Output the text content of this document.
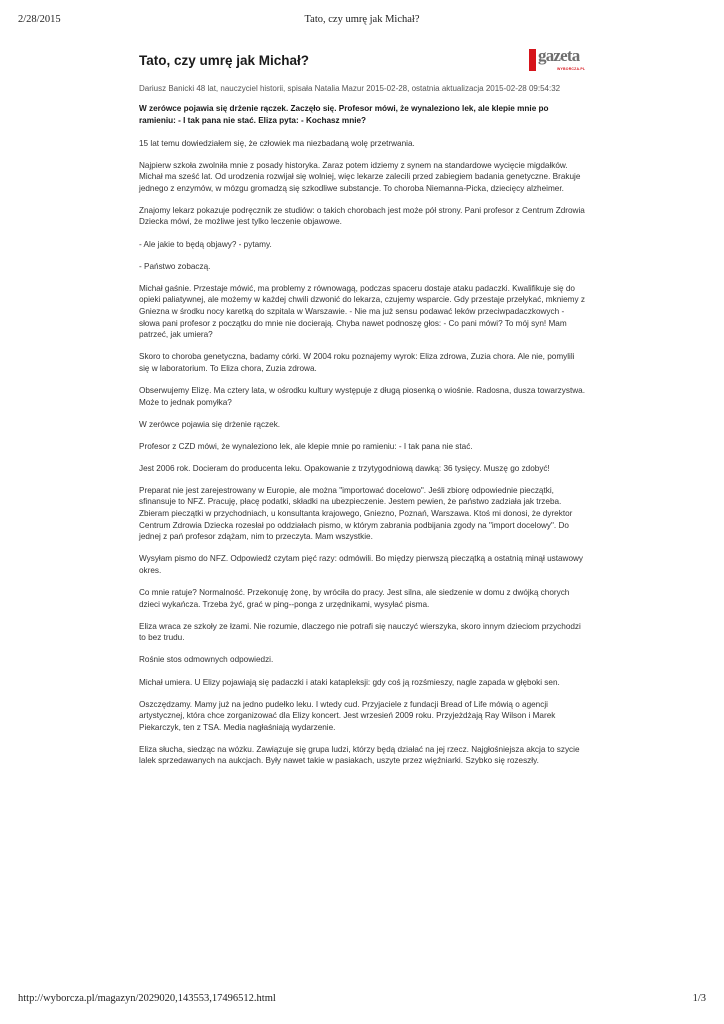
2/28/2015	Tato, czy umrę jak Michał?
gazeta
WYBORCZA.PL
Tato, czy umrę jak Michał?
Dariusz Banicki 48 lat, nauczyciel historii, spisała Natalia Mazur 2015-02-28, ostatnia aktualizacja 2015-02-28 09:54:32
W zerówce pojawia się drżenie rączek. Zaczęło się. Profesor mówi, że wynaleziono lek, ale klepie mnie po ramieniu: - I tak pana nie stać. Eliza pyta: - Kochasz mnie?

15 lat temu dowiedziałem się, że człowiek ma niezbadaną wolę przetrwania.

Najpierw szkoła zwolniła mnie z posady historyka. Zaraz potem idziemy z synem na standardowe wycięcie migdałków. Michał ma sześć lat. Od urodzenia rozwijał się wolniej, więc lekarze zalecili przed zabiegiem badania genetyczne. Brakuje jednego z enzymów, w mózgu gromadzą się szkodliwe substancje. To choroba Niemanna-Picka, dziecięcy alzheimer.

Znajomy lekarz pokazuje podręcznik ze studiów: o takich chorobach jest może pół strony. Pani profesor z Centrum Zdrowia Dziecka mówi, że możliwe jest tylko leczenie objawowe.

- Ale jakie to będą objawy? - pytamy.

- Państwo zobaczą.

Michał gaśnie. Przestaje mówić, ma problemy z równowagą, podczas spaceru dostaje ataku padaczki. Kwalifikuje się do opieki paliatywnej, ale możemy w każdej chwili dzwonić do lekarza, czujemy wsparcie. Gdy przestaje przełykać, mkniemy z Gniezna w środku nocy karetką do szpitala w Warszawie. - Nie ma już sensu podawać leków przeciwpadaczkowych - słowa pani profesor z początku do mnie nie docierają. Chyba nawet podnoszę głos: - Co pani mówi? To mój syn! Mam patrzeć, jak umiera?

Skoro to choroba genetyczna, badamy córki. W 2004 roku poznajemy wyrok: Eliza zdrowa, Zuzia chora. Ale nie, pomylili się w laboratorium. To Eliza chora, Zuzia zdrowa.

Obserwujemy Elizę. Ma cztery lata, w ośrodku kultury występuje z długą piosenką o wiośnie. Radosna, dusza towarzystwa. Może to jednak pomyłka?

W zerówce pojawia się drżenie rączek.

Profesor z CZD mówi, że wynaleziono lek, ale klepie mnie po ramieniu: - I tak pana nie stać.

Jest 2006 rok. Docieram do producenta leku. Opakowanie z trzytygodniową dawką: 36 tysięcy. Muszę go zdobyć!

Preparat nie jest zarejestrowany w Europie, ale można "importować docelowo". Jeśli zbiorę odpowiednie pieczątki, sfinansuje to NFZ. Pracuję, płacę podatki, składki na ubezpieczenie. Jestem pewien, że państwo zadziała jak trzeba. Zbieram pieczątki w przychodniach, u konsultanta krajowego, Gniezno, Poznań, Warszawa. Ktoś mi donosi, że dyrektor Centrum Zdrowia Dziecka rozesłał po oddziałach pismo, w którym zabrania podbijania zgody na "import docelowy". Do jednej z pań profesor zdążam, nim to przeczyta. Mam wszystkie.

Wysyłam pismo do NFZ. Odpowiedź czytam pięć razy: odmówili. Bo między pierwszą pieczątką a ostatnią minął ustawowy okres.

Co mnie ratuje? Normalność. Przekonuję żonę, by wróciła do pracy. Jest silna, ale siedzenie w domu z dwójką chorych dzieci wykańcza. Trzeba żyć, grać w ping--ponga z urzędnikami, wysyłać pisma.

Eliza wraca ze szkoły ze łzami. Nie rozumie, dlaczego nie potrafi się nauczyć wierszyka, skoro innym dzieciom przychodzi to bez trudu.

Rośnie stos odmownych odpowiedzi.

Michał umiera. U Elizy pojawiają się padaczki i ataki katapleksji: gdy coś ją rozśmieszy, nagle zapada w głęboki sen.

Oszczędzamy. Mamy już na jedno pudełko leku. I wtedy cud. Przyjaciele z fundacji Bread of Life mówią o agencji artystycznej, która chce zorganizować dla Elizy koncert. Jest wrzesień 2009 roku. Przyjeżdżają Ray Wilson i Marek Piekarczyk, ten z TSA. Media nagłaśniają wydarzenie.

Eliza słucha, siedząc na wózku. Zawiązuje się grupa ludzi, którzy będą działać na jej rzecz. Najgłośniejsza akcja to szycie lalek sprzedawanych na aukcjach. Były nawet takie w pasiakach, uszyte przez więźniarki. Szybko się rozeszły.

http://wyborcza.pl/magazyn/2029020,143553,17496512.html	1/3
